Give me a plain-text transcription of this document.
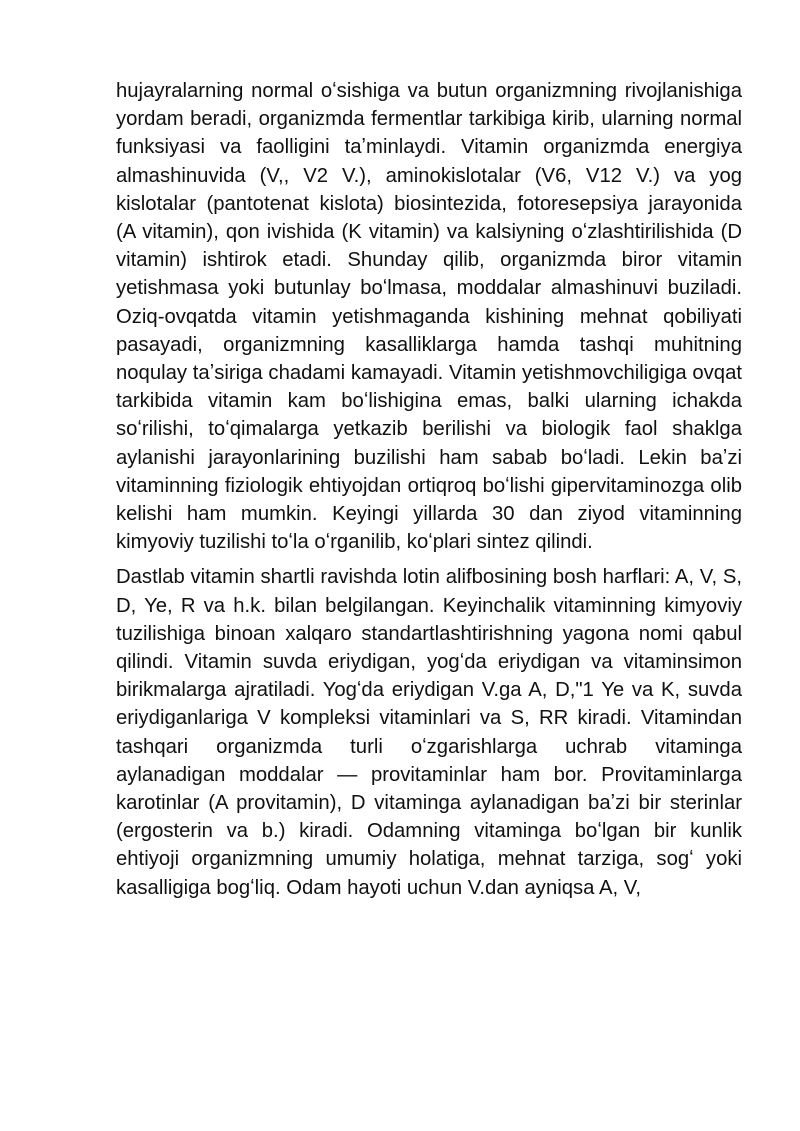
hujayralarning normal oʻsishiga va butun organizmning rivojlanishiga yordam beradi, organizmda fermentlar tarkibiga kirib, ularning normal funksiyasi va faolligini taʼminlaydi. Vitamin organizmda energiya almashinuvida (V,, V2 V.), aminokislotalar (V6, V12 V.) va yog kislotalar (pantotenat kislota) biosintezida, fotoresepsiya jarayonida (A vitamin), qon ivishida (K vitamin) va kalsiyning oʻzlashtirilishida (D vitamin) ishtirok etadi. Shunday qilib, organizmda biror vitamin yetishmasa yoki butunlay boʻlmasa, moddalar almashinuvi buziladi. Oziq-ovqatda vitamin yetishmaganda kishining mehnat qobiliyati pasayadi, organizmning kasalliklarga hamda tashqi muhitning noqulay taʼsiriga chadami kamayadi. Vitamin yetishmovchiligiga ovqat tarkibida vitamin kam boʻlishigina emas, balki ularning ichakda soʻrilishi, toʻqimalarga yetkazib berilishi va biologik faol shaklga aylanishi jarayonlarining buzilishi ham sabab boʻladi. Lekin baʼzi vitaminning fiziologik ehtiyojdan ortiqroq boʻlishi gipervitaminozga olib kelishi ham mumkin. Keyingi yillarda 30 dan ziyod vitaminning kimyoviy tuzilishi toʻla oʻrganilib, koʻplari sintez qilindi.

Dastlab vitamin shartli ravishda lotin alifbosining bosh harflari: A, V, S, D, Ye, R va h.k. bilan belgilangan. Keyinchalik vitaminning kimyoviy tuzilishiga binoan xalqaro standartlashtirishning yagona nomi qabul qilindi. Vitamin suvda eriydigan, yogʻda eriydigan va vitaminsimon birikmalarga ajratiladi. Yogʻda eriydigan V.ga A, D,"1 Ye va K, suvda eriydiganlariga V kompleksi vitaminlari va S, RR kiradi. Vitamindan tashqari organizmda turli oʻzgarishlarga uchrab vitaminga aylanadigan moddalar — provitaminlar ham bor. Provitaminlarga karotinlar (A provitamin), D vitaminga aylanadigan baʼzi bir sterinlar (ergosterin va b.) kiradi. Odamning vitaminga boʻlgan bir kunlik ehtiyoji organizmning umumiy holatiga, mehnat tarziga, sogʻ yoki kasalligiga bogʻliq. Odam hayoti uchun V.dan ayniqsa A, V,
